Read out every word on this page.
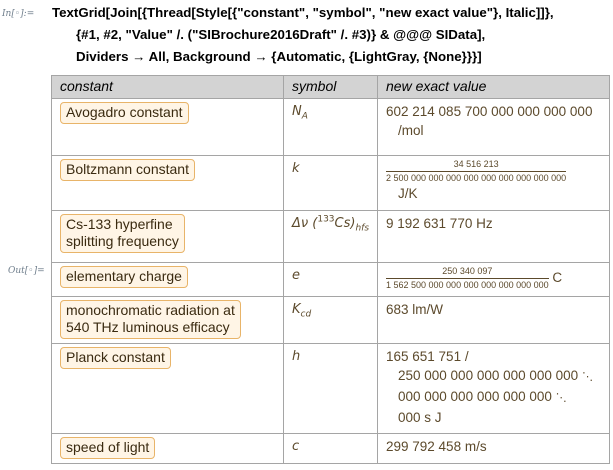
In[◦]:= TextGrid[Join[{Thread[Style[{"constant", "symbol", "new exact value"}, Italic]]},
{#1, #2, "Value" /. ("SIBrochure2016Draft" /. #3)} & @@@ SIData],
Dividers → All, Background → {Automatic, {LightGray, {None}}}]
Out[◦]=
constant	symbol	new exact value
Avogadro constant	$N_A$	602 214 085 700 000 000 000 000
/mol

Boltzmann constant	k	$\frac{34 516 213}{2 500 000 000 000 000 000 000 000 000 000}$
J/K

Cs-133 hyperfine
splitting frequency	Δν $(^{133}Cs)_{hfs}$	9 192 631 770 Hz

elementary charge	e	$\frac{250 340 097}{1 562 500 000 000 000 000 000 000 000}$ C
monochromatic radiation at
540 THz luminous efficacy	$K_{cd}$	683 lm/W

Planck constant	h	165 651 751 /
250 000 000 000 000 000 000 ⋱
000 000 000 000 000 000 ⋱
000 s J

speed of light	c	299 792 458 m/s
